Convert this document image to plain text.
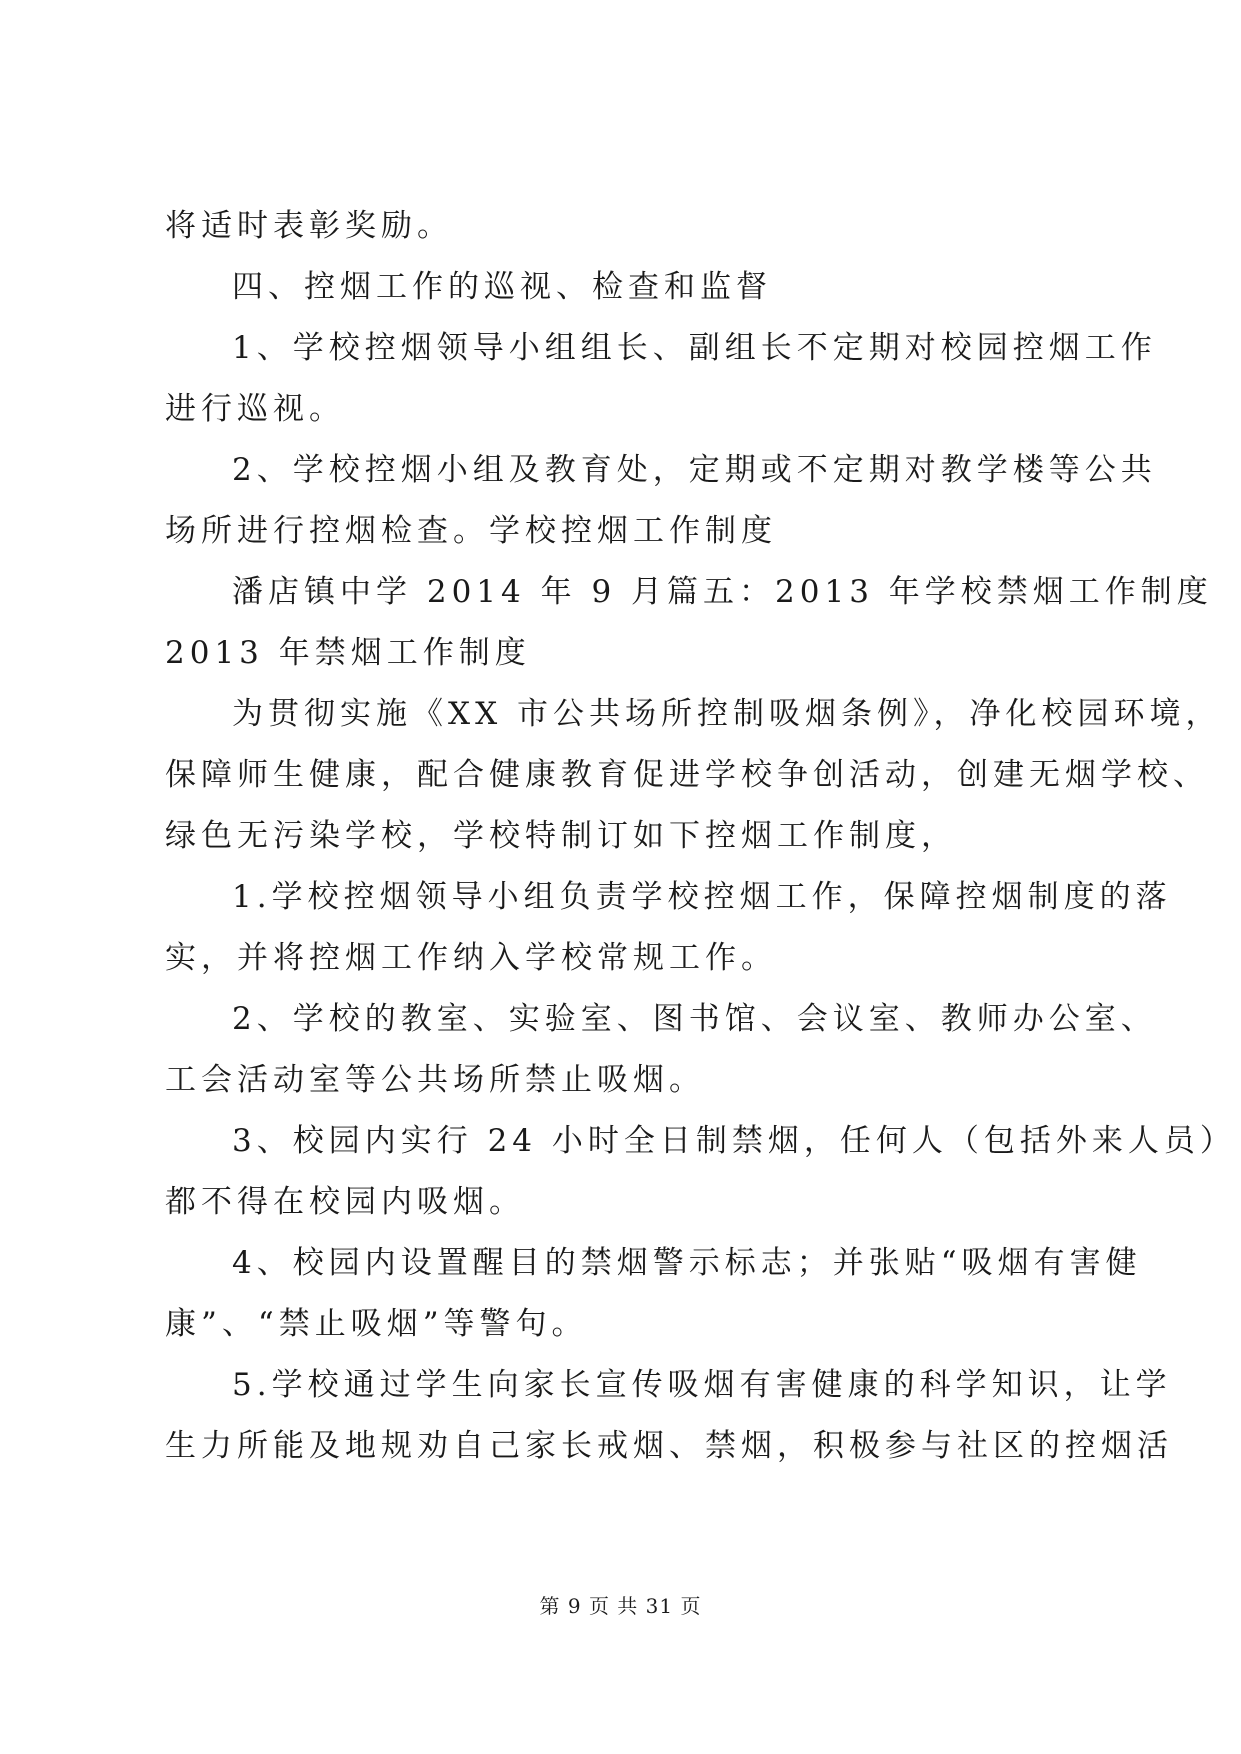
将适时表彰奖励。
四、控烟工作的巡视、检查和监督
1、学校控烟领导小组组长、副组长不定期对校园控烟工作
进行巡视。
2、学校控烟小组及教育处，定期或不定期对教学楼等公共
场所进行控烟检查。学校控烟工作制度
潘店镇中学 2014 年 9 月篇五：2013 年学校禁烟工作制度
2013 年禁烟工作制度
为贯彻实施《XX 市公共场所控制吸烟条例》，净化校园环境，
保障师生健康，配合健康教育促进学校争创活动，创建无烟学校、
绿色无污染学校，学校特制订如下控烟工作制度，
1.学校控烟领导小组负责学校控烟工作，保障控烟制度的落
实，并将控烟工作纳入学校常规工作。
2、学校的教室、实验室、图书馆、会议室、教师办公室、
工会活动室等公共场所禁止吸烟。
3、校园内实行 24 小时全日制禁烟，任何人（包括外来人员）
都不得在校园内吸烟。
4、校园内设置醒目的禁烟警示标志；并张贴“吸烟有害健
康”、“禁止吸烟”等警句。
5.学校通过学生向家长宣传吸烟有害健康的科学知识，让学
生力所能及地规劝自己家长戒烟、禁烟，积极参与社区的控烟活
第 9 页 共 31 页
